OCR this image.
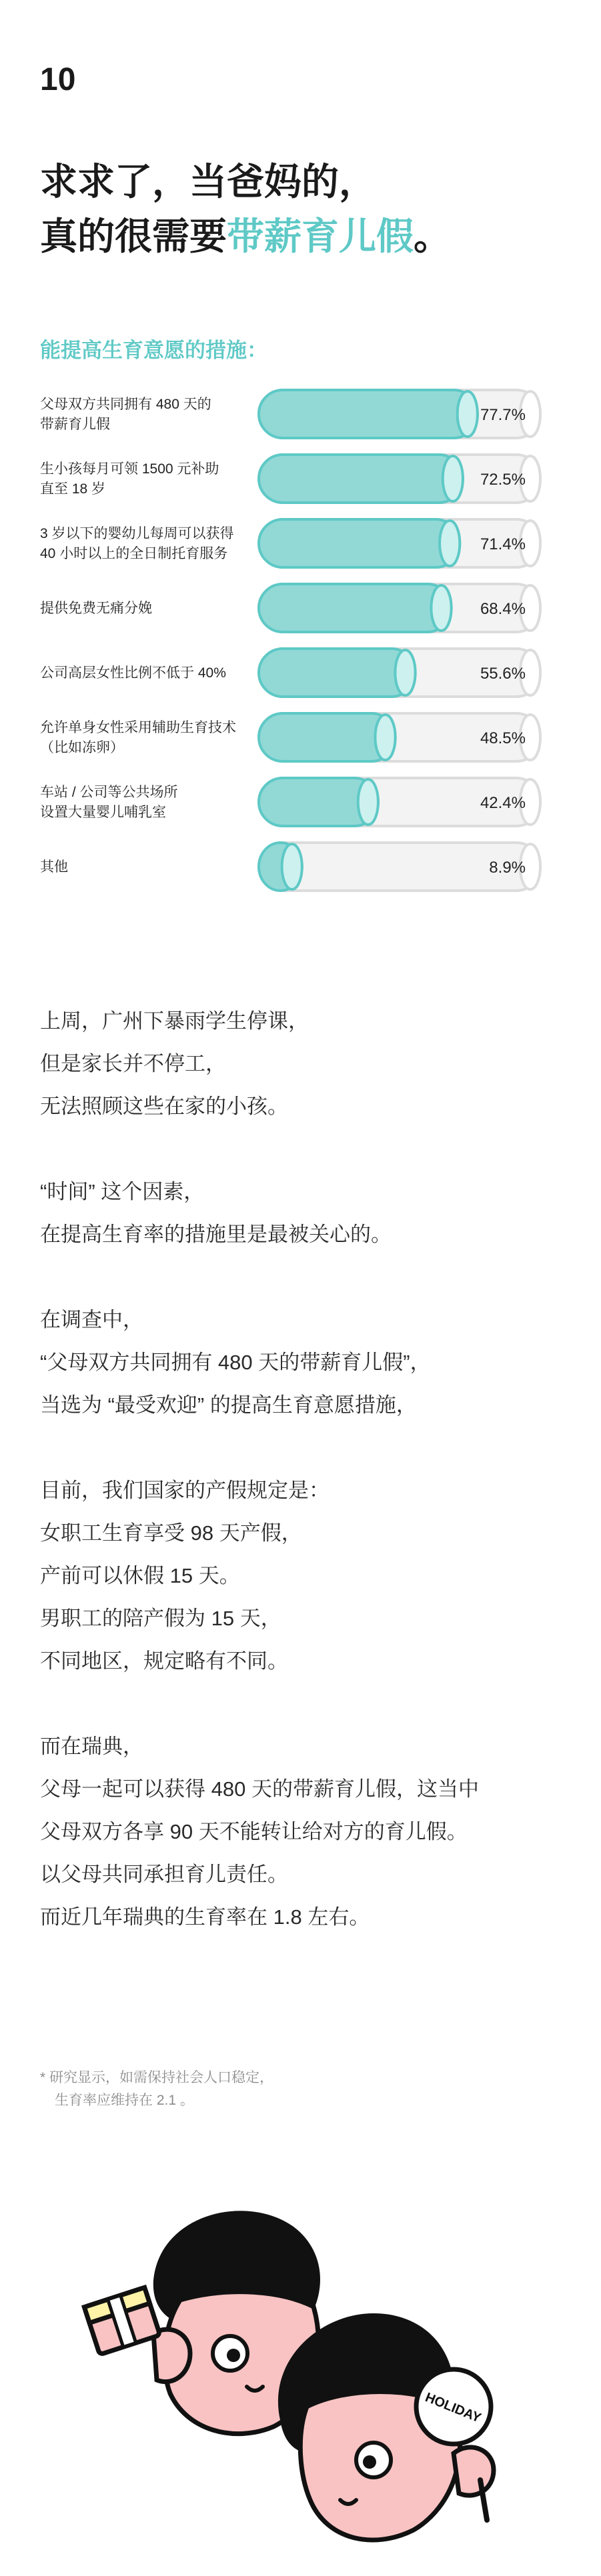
10
求求了，当爸妈的，
真的很需要带薪育儿假。
能提高生育意愿的措施：
77.7%
父母双方共同拥有 480 天的
带薪育儿假
72.5%
生小孩每月可领 1500 元补助
直至 18 岁
71.4%
3 岁以下的婴幼儿每周可以获得
40 小时以上的全日制托育服务
68.4%
提供免费无痛分娩
55.6%
公司高层女性比例不低于 40%
48.5%
允许单身女性采用辅助生育技术
（比如冻卵）
42.4%
车站 / 公司等公共场所
设置大量婴儿哺乳室
8.9%
其他

上周，广州下暴雨学生停课，

但是家长并不停工，

无法照顾这些在家的小孩。

“时间” 这个因素，

在提高生育率的措施里是最被关心的。

在调查中，

“父母双方共同拥有 480 天的带薪育儿假”，

当选为 “最受欢迎” 的提高生育意愿措施，

目前，我们国家的产假规定是：

女职工生育享受 98 天产假，

产前可以休假 15 天。

男职工的陪产假为 15 天，

不同地区，规定略有不同。

而在瑞典，

父母一起可以获得 480 天的带薪育儿假，这当中

父母双方各享 90 天不能转让给对方的育儿假。

以父母共同承担育儿责任。

而近几年瑞典的生育率在 1.8 左右。

* 研究显示，如需保持社会人口稳定，

生育率应维持在 2.1 。

HOLIDAY
